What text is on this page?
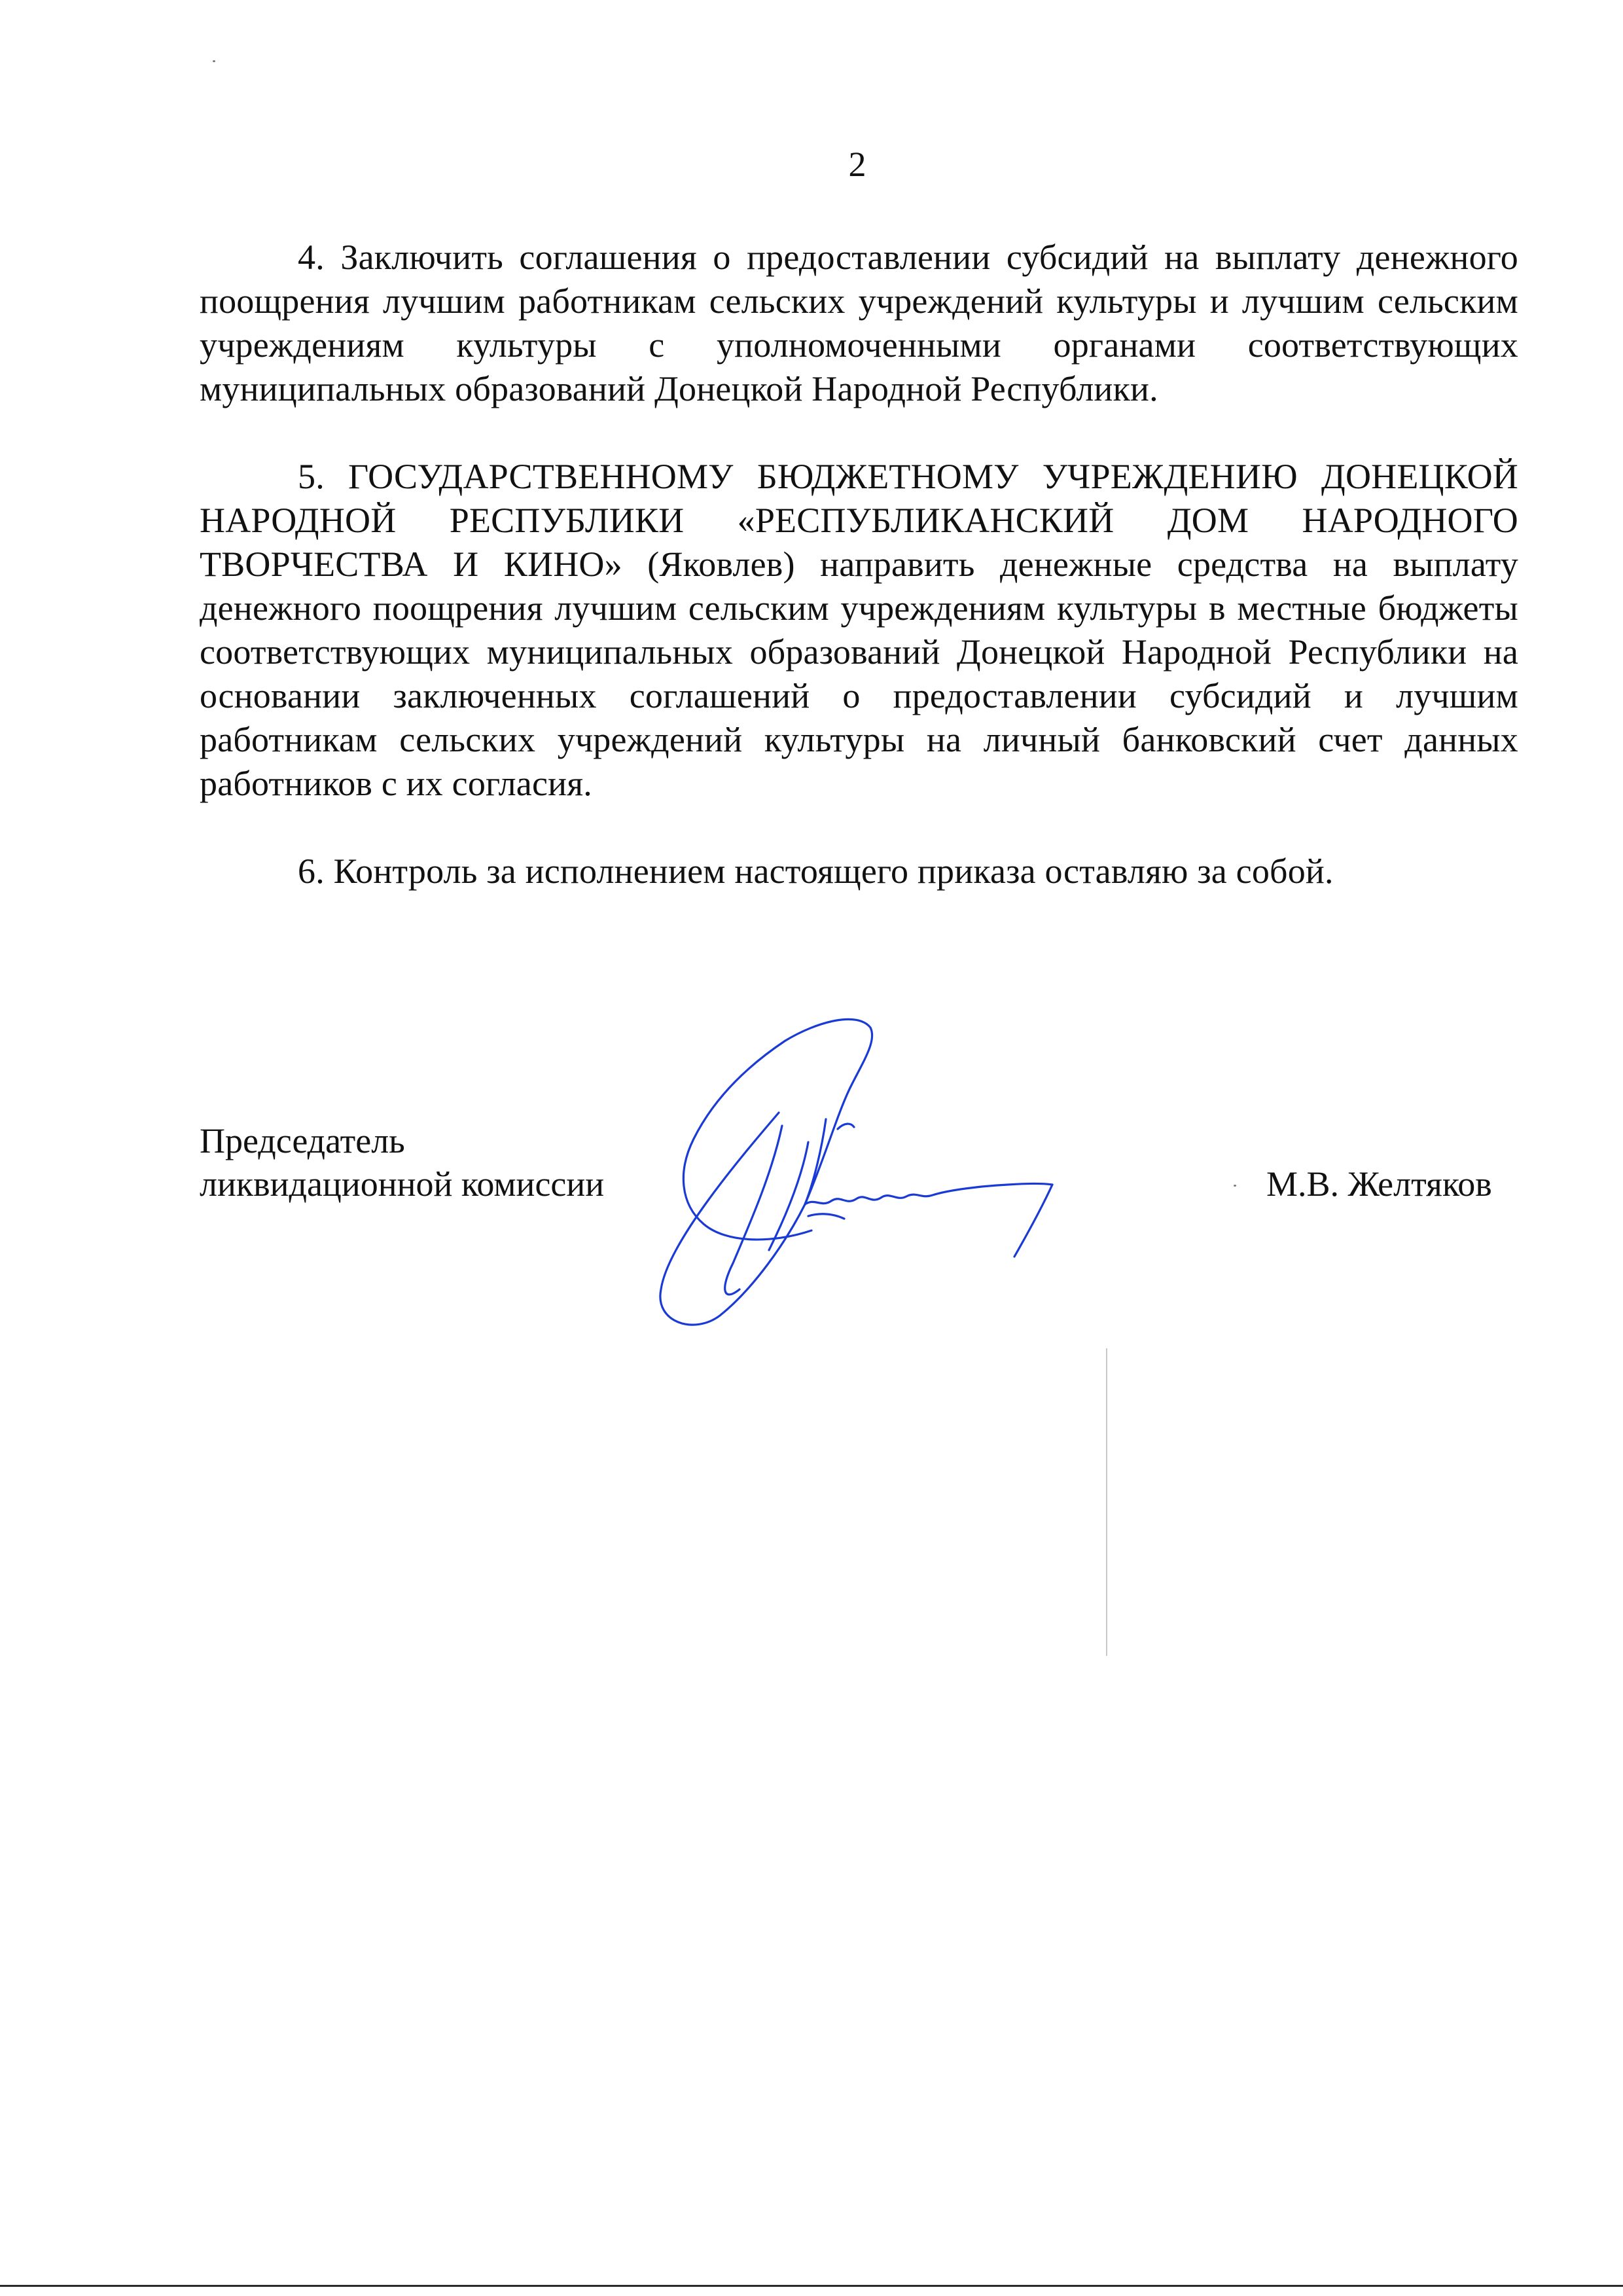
2

4. Заключить соглашения о предоставлении субсидий на выплату денежного поощрения лучшим работникам сельских учреждений культуры и лучшим сельским учреждениям культуры с уполномоченными органами соответствующих муниципальных образований Донецкой Народной Республики.

5. ГОСУДАРСТВЕННОМУ БЮДЖЕТНОМУ УЧРЕЖДЕНИЮ ДОНЕЦКОЙ НАРОДНОЙ РЕСПУБЛИКИ «РЕСПУБЛИКАНСКИЙ ДОМ НАРОДНОГО ТВОРЧЕСТВА И КИНО» (Яковлев) направить денежные средства на выплату денежного поощрения лучшим сельским учреждениям культуры в местные бюджеты соответствующих муниципальных образований Донецкой Народной Республики на основании заключенных соглашений о предоставлении субсидий и лучшим работникам сельских учреждений культуры на личный банковский счет данных работников с их согласия.

6. Контроль за исполнением настоящего приказа оставляю за собой.

Председатель
ликвидационной комиссии	М.В. Желтяков
